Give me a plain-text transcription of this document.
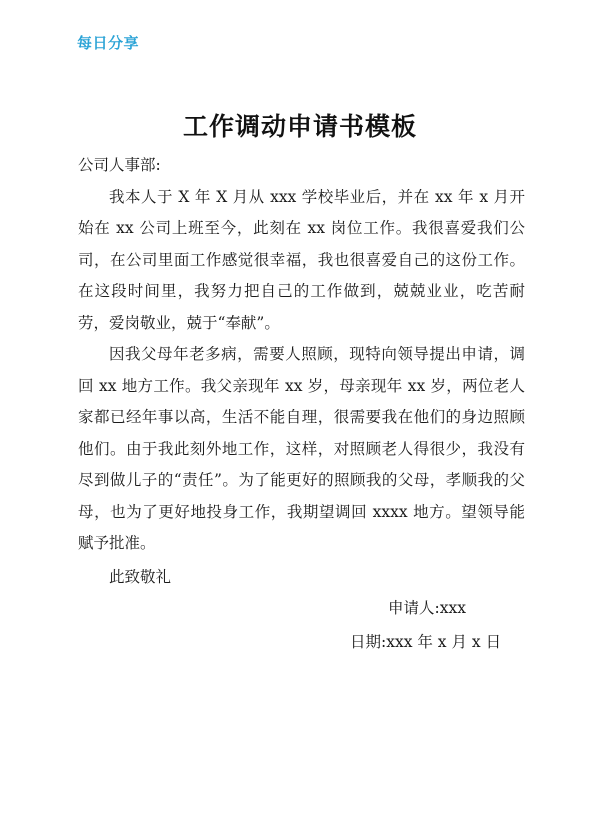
每日分享
工作调动申请书模板

公司人事部:

我本人于 X 年 X 月从 xxx 学校毕业后，并在 xx 年 x 月开始在 xx 公司上班至今，此刻在 xx 岗位工作。我很喜爱我们公司，在公司里面工作感觉很幸福，我也很喜爱自己的这份工作。在这段时间里，我努力把自己的工作做到，兢兢业业，吃苦耐劳，爱岗敬业，兢于“奉献”。

因我父母年老多病，需要人照顾，现特向领导提出申请，调回 xx 地方工作。我父亲现年 xx 岁，母亲现年 xx 岁，两位老人家都已经年事以高，生活不能自理，很需要我在他们的身边照顾他们。由于我此刻外地工作，这样，对照顾老人得很少，我没有尽到做儿子的“责任”。为了能更好的照顾我的父母，孝顺我的父母，也为了更好地投身工作，我期望调回 xxxx 地方。望领导能赋予批准。

此致敬礼

申请人:xxx
日期:xxx 年 x 月 x 日
